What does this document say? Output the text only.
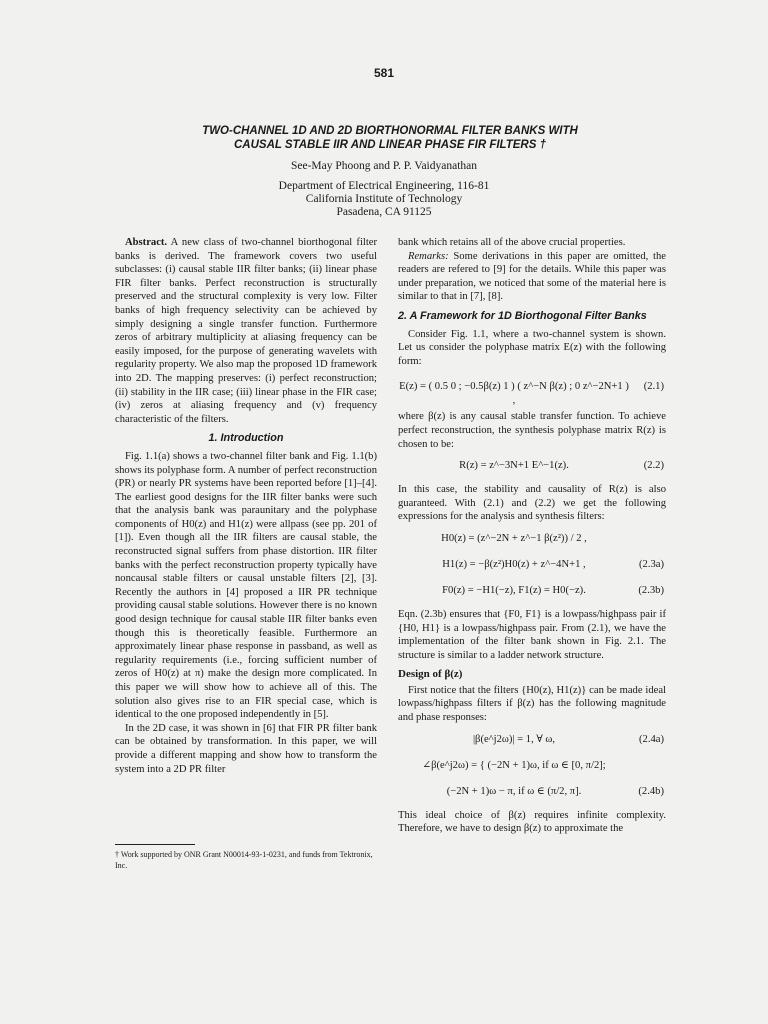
581
TWO-CHANNEL 1D AND 2D BIORTHONORMAL FILTER BANKS WITH
CAUSAL STABLE IIR AND LINEAR PHASE FIR FILTERS †
See-May Phoong and P. P. Vaidyanathan
Department of Electrical Engineering, 116-81
California Institute of Technology
Pasadena, CA 91125

Abstract. A new class of two-channel biorthogonal filter banks is derived. The framework covers two useful subclasses: (i) causal stable IIR filter banks; (ii) linear phase FIR filter banks. Perfect reconstruction is structurally preserved and the structural complexity is very low. Filter banks of high frequency selectivity can be achieved by simply designing a single transfer function. Furthermore zeros of arbitrary multiplicity at aliasing frequency can be easily imposed, for the purpose of generating wavelets with regularity property. We also map the proposed 1D framework into 2D. The mapping preserves: (i) perfect reconstruction; (ii) stability in the IIR case; (iii) linear phase in the FIR case; (iv) zeros at aliasing frequency and (v) frequency characteristic of the filters.

1. Introduction

Fig. 1.1(a) shows a two-channel filter bank and Fig. 1.1(b) shows its polyphase form. A number of perfect reconstruction (PR) or nearly PR systems have been reported before [1]–[4]. The earliest good designs for the IIR filter banks were such that the analysis bank was paraunitary and the polyphase components of H0(z) and H1(z) were allpass (see pp. 201 of [1]). Even though all the IIR filters are causal stable, the reconstructed signal suffers from phase distortion. IIR filter banks with the perfect reconstruction property typically have noncausal stable filters or causal unstable filters [2], [3]. Recently the authors in [4] proposed a IIR PR technique providing causal stable solutions. However there is no known good design technique for causal stable IIR filter banks even though this is theoretically feasible. Furthermore an approximately linear phase response in passband, as well as regularity requirements (i.e., forcing sufficient number of zeros of H0(z) at π) make the design more complicated. In this paper we will show how to achieve all of this. The solution also gives rise to an FIR special case, which is identical to the one proposed independently in [5].

In the 2D case, it was shown in [6] that FIR PR filter bank can be obtained by transformation. In this paper, we will provide a different mapping and show how to transform the system into a 2D PR filter

† Work supported by ONR Grant N00014-93-1-0231, and funds from Tektronix, Inc.

bank which retains all of the above crucial properties.

Remarks: Some derivations in this paper are omitted, the readers are refered to [9] for the details. While this paper was under preparation, we noticed that some of the material here is similar to that in [7], [8].

2. A Framework for 1D Biorthogonal Filter Banks

Consider Fig. 1.1, where a two-channel system is shown. Let us consider the polyphase matrix E(z) with the following form:

E(z) = ( 0.5 0 ; −0.5β(z) 1 ) ( z^−N β(z) ; 0 z^−2N+1 ) ,
(2.1)

where β(z) is any causal stable transfer function. To achieve perfect reconstruction, the synthesis polyphase matrix R(z) is chosen to be:

R(z) = z^−3N+1 E^−1(z).	(2.2)

In this case, the stability and causality of R(z) is also guaranteed. With (2.1) and (2.2) we get the following expressions for the analysis and synthesis filters:

H0(z) = (z^−2N + z^−1 β(z²)) / 2 ,
H1(z) = −β(z²)H0(z) + z^−4N+1 ,	(2.3a)
F0(z) = −H1(−z), F1(z) = H0(−z).	(2.3b)

Eqn. (2.3b) ensures that {F0, F1} is a lowpass/highpass pair if {H0, H1} is a lowpass/highpass pair. From (2.1), we have the implementation of the filter bank shown in Fig. 2.1. The structure is similar to a ladder network structure.

Design of β(z)

First notice that the filters {H0(z), H1(z)} can be made ideal lowpass/highpass filters if β(z) has the following magnitude and phase responses:

|β(e^j2ω)| = 1, ∀ ω,	(2.4a)
∠β(e^j2ω) = { (−2N + 1)ω, if ω ∈ [0, π/2];
(−2N + 1)ω − π, if ω ∈ (π/2, π].	(2.4b)

This ideal choice of β(z) requires infinite complexity. Therefore, we have to design β(z) to approximate the
